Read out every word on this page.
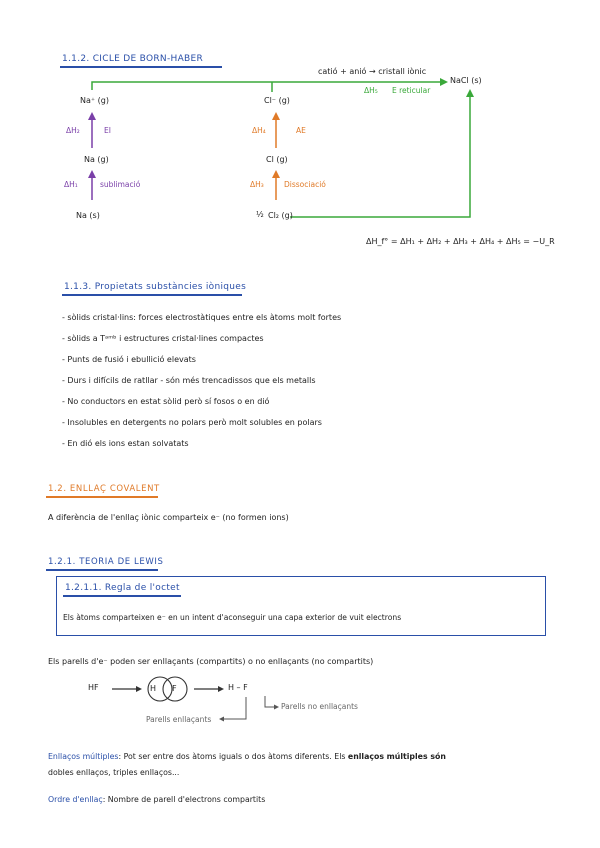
1.1.2. CICLE DE BORN-HABER
catió + anió → cristall iònic
ΔH₅ E reticular
NaCl (s)
Na⁺ (g)	Cl⁻ (g)
ΔH₂	EI	ΔH₄	AE
Na (g)	Cl (g)
ΔH₁	sublimació	ΔH₃	Dissociació
Na (s)	½ Cl₂ (g)
ΔH_f° = ΔH₁ + ΔH₂ + ΔH₃ + ΔH₄ + ΔH₅ = −U_R
1.1.3. Propietats substàncies iòniques
- sòlids cristal·lins: forces electrostàtiques entre els àtoms molt fortes
- sòlids a Tᵃᵐᵇ i estructures cristal·lines compactes
- Punts de fusió i ebullició elevats
- Durs i difícils de ratllar - són més trencadissos que els metalls
- No conductors en estat sòlid però sí fosos o en dió
- Insolubles en detergents no polars però molt solubles en polars
- En dió els ions estan solvatats
1.2. ENLLAÇ COVALENT
A diferència de l'enllaç iònic comparteix e⁻ (no formen ions)
1.2.1. TEORIA DE LEWIS
1.2.1.1. Regla de l'octet
Els àtoms comparteixen e⁻ en un intent d'aconseguir una capa exterior de vuit electrons
Els parells d'e⁻ poden ser enllaçants (compartits) o no enllaçants (no compartits)
HF	H F	H – F
Parells no enllaçants
Parells enllaçants
Enllaços múltiples: Pot ser entre dos àtoms iguals o dos àtoms diferents. Els enllaços múltiples són
dobles enllaços, triples enllaços...
Ordre d'enllaç: Nombre de parell d'electrons compartits
